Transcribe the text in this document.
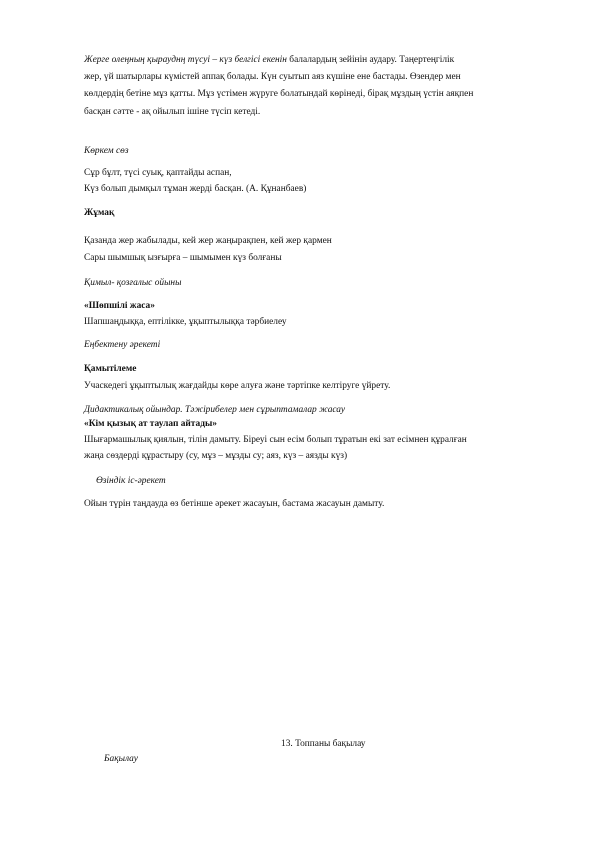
Жерге олеңның қырауднң түсуі – күз белгісі екенін балалардың зейінін аудару. Таңертеңгілік
жер, үй шатырлары күмістей аппақ болады. Күн суытып аяз күшіне ене бастады. Өзендер мен
көлдердің бетіне мұз қатты. Мұз үстімен жүруге болатындай көрінеді, бірақ мұздың үстін аяқпен
басқан сәтте - ақ ойылып ішіне түсіп кетеді.
Көркем сөз
Сұр бұлт, түсі суық, қаптайды аспан,
Күз болып дымқыл тұман жерді басқан. (А. Құнанбаев)
Жұмақ
Қазанда жер жабылады, кей жер жаңырақпен, кей жер қармен
Сары шымшық ызғырға – шымымен күз болғаны
Қимыл- қозғалыс ойыны
«Шөпшілі жаса»
Шапшаңдыққа, ептілікке, ұқыптылыққа тәрбиелеу
Еңбектену әрекеті
Қамытілеме
Учаскедегі ұқыптылық жағдайды көре алуға және тәртіпке келтіруге үйрету.
Дидактикалық ойындар. Тәжірибелер мен сұрыптамалар жасау
«Кім қызық ат таулап айтады»
Шығармашылық қиялын, тілін дамыту. Біреуі сын есім болып тұратын екі зат есімнен құралған
жаңа сөздерді құрастыру (су, мұз – мұзды су; аяз, күз – аязды күз)
Өзіндік іс-әрекет
Ойын түрін таңдауда өз бетінше әрекет жасауын, бастама жасауын дамыту.
13. Топпаны бақылау
Бақылау
